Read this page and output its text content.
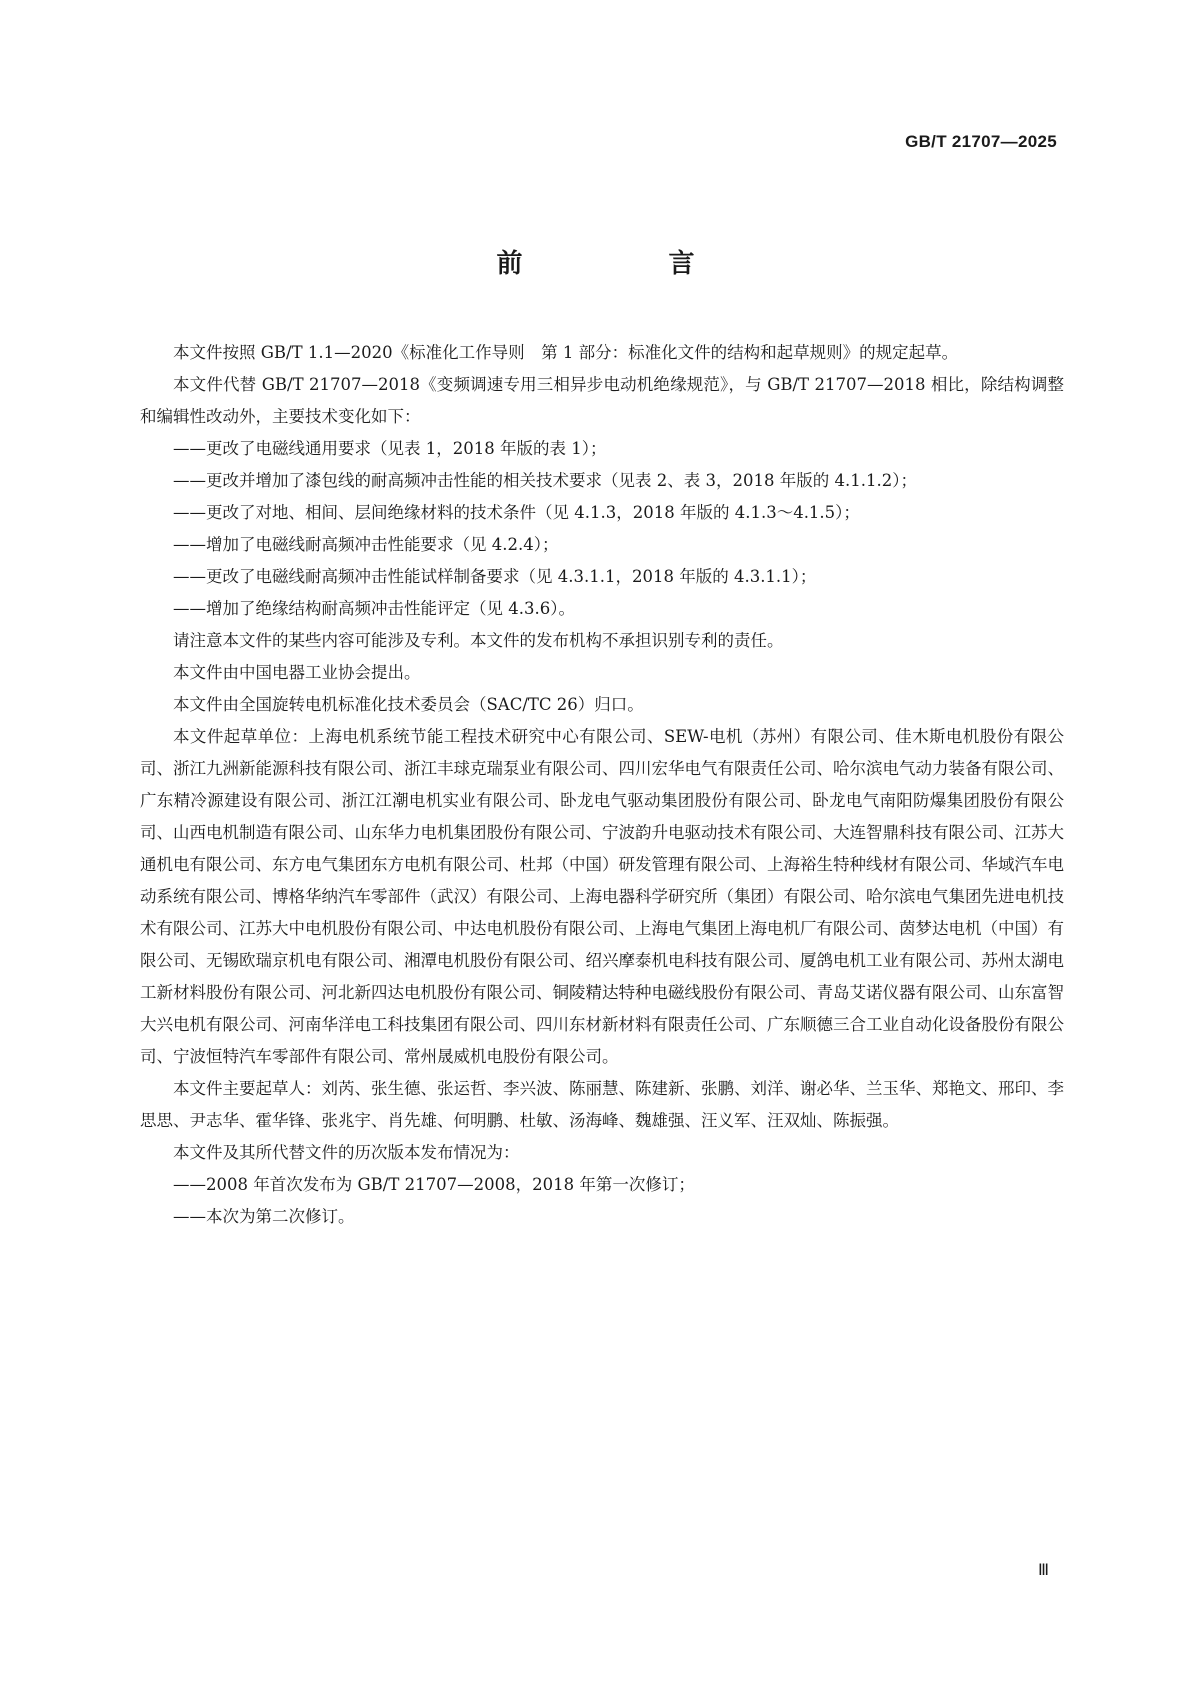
GB/T 21707—2025
前　言

本文件按照 GB/T 1.1—2020《标准化工作导则　第 1 部分：标准化文件的结构和起草规则》的规定起草。

本文件代替 GB/T 21707—2018《变频调速专用三相异步电动机绝缘规范》，与 GB/T 21707—2018 相比，除结构调整和编辑性改动外，主要技术变化如下：

——更改了电磁线通用要求（见表 1，2018 年版的表 1）；

——更改并增加了漆包线的耐高频冲击性能的相关技术要求（见表 2、表 3，2018 年版的 4.1.1.2）；

——更改了对地、相间、层间绝缘材料的技术条件（见 4.1.3，2018 年版的 4.1.3～4.1.5）；

——增加了电磁线耐高频冲击性能要求（见 4.2.4）；

——更改了电磁线耐高频冲击性能试样制备要求（见 4.3.1.1，2018 年版的 4.3.1.1）；

——增加了绝缘结构耐高频冲击性能评定（见 4.3.6）。

请注意本文件的某些内容可能涉及专利。本文件的发布机构不承担识别专利的责任。

本文件由中国电器工业协会提出。

本文件由全国旋转电机标准化技术委员会（SAC/TC 26）归口。

本文件起草单位：上海电机系统节能工程技术研究中心有限公司、SEW-电机（苏州）有限公司、佳木斯电机股份有限公司、浙江九洲新能源科技有限公司、浙江丰球克瑞泵业有限公司、四川宏华电气有限责任公司、哈尔滨电气动力装备有限公司、广东精冷源建设有限公司、浙江江潮电机实业有限公司、卧龙电气驱动集团股份有限公司、卧龙电气南阳防爆集团股份有限公司、山西电机制造有限公司、山东华力电机集团股份有限公司、宁波韵升电驱动技术有限公司、大连智鼎科技有限公司、江苏大通机电有限公司、东方电气集团东方电机有限公司、杜邦（中国）研发管理有限公司、上海裕生特种线材有限公司、华域汽车电动系统有限公司、博格华纳汽车零部件（武汉）有限公司、上海电器科学研究所（集团）有限公司、哈尔滨电气集团先进电机技术有限公司、江苏大中电机股份有限公司、中达电机股份有限公司、上海电气集团上海电机厂有限公司、茵梦达电机（中国）有限公司、无锡欧瑞京机电有限公司、湘潭电机股份有限公司、绍兴摩泰机电科技有限公司、厦鸽电机工业有限公司、苏州太湖电工新材料股份有限公司、河北新四达电机股份有限公司、铜陵精达特种电磁线股份有限公司、青岛艾诺仪器有限公司、山东富智大兴电机有限公司、河南华洋电工科技集团有限公司、四川东材新材料有限责任公司、广东顺德三合工业自动化设备股份有限公司、宁波恒特汽车零部件有限公司、常州晟威机电股份有限公司。

本文件主要起草人：刘芮、张生德、张运哲、李兴波、陈丽慧、陈建新、张鹏、刘洋、谢必华、兰玉华、郑艳文、邢印、李思思、尹志华、霍华锋、张兆宇、肖先雄、何明鹏、杜敏、汤海峰、魏雄强、汪义军、汪双灿、陈振强。

本文件及其所代替文件的历次版本发布情况为：

——2008 年首次发布为 GB/T 21707—2008，2018 年第一次修订；

——本次为第二次修订。

Ⅲ
